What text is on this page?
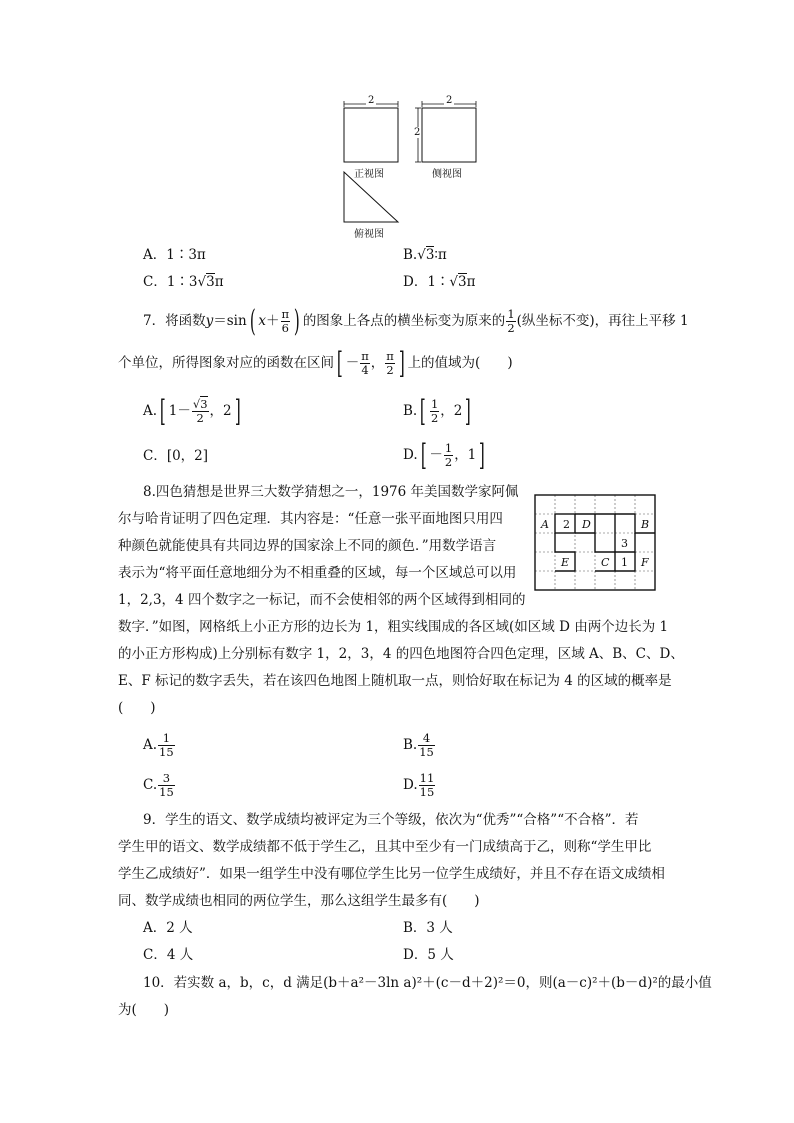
2	2
2
正视图	侧视图
俯视图
A．1∶3π	B.√3∶π
C．1∶3√3π	D．1∶√3π
7．将函数y＝sin( $x+ \frac{\pi}{6}$ ) 的图象上各点的横坐标变为原来的 $\frac{1}{2}$ (纵坐标不变)，再往上平移 1
个单位，所得图象对应的函数在区间[ － $\frac{\pi}{4}$ ， $\frac{\pi}{2}$ ] 上的值域为(　　)
A.[ $1- \frac{√3}{2}$ ，2]	$B.[ \frac{1}{2}$ ，2]
C．[0，2]	$D.[ - \frac{1}{2}$ ，1]
8.四色猜想是世界三大数学猜想之一，1976 年美国数学家阿佩
尔与哈肯证明了四色定理．其内容是：“任意一张平面地图只用四
种颜色就能使具有共同边界的国家涂上不同的颜色．”用数学语言
表示为“将平面任意地细分为不相重叠的区域，每一个区域总可以用
1，2,3，4 四个数字之一标记，而不会使相邻的两个区域得到相同的
数字．”如图，网格纸上小正方形的边长为 1，粗实线围成的各区域(如区域 D 由两个边长为 1
的小正方形构成)上分别标有数字 1，2，3，4 的四色地图符合四色定理，区域 A、B、C、D、
E、F 标记的数字丢失，若在该四色地图上随机取一点，则恰好取在标记为 4 的区域的概率是
(　　)
A 2 D	B
3
E	C 1 F
A. $\frac{1}{15}$	B. $\frac{4}{15}$
C. $\frac{3}{15}$	D. $\frac{11}{15}$
9．学生的语文、数学成绩均被评定为三个等级，依次为“优秀”“合格”“不合格”．若
学生甲的语文、数学成绩都不低于学生乙，且其中至少有一门成绩高于乙，则称“学生甲比
学生乙成绩好”．如果一组学生中没有哪位学生比另一位学生成绩好，并且不存在语文成绩相
同、数学成绩也相同的两位学生，那么这组学生最多有(　　)
A．2 人	B．3 人
C．4 人	D．5 人
10．若实数 a，b，c，d 满足(b＋a²－3ln a)²＋(c－d＋2)²＝0，则(a－c)²＋(b－d)²的最小值
为(　　)
